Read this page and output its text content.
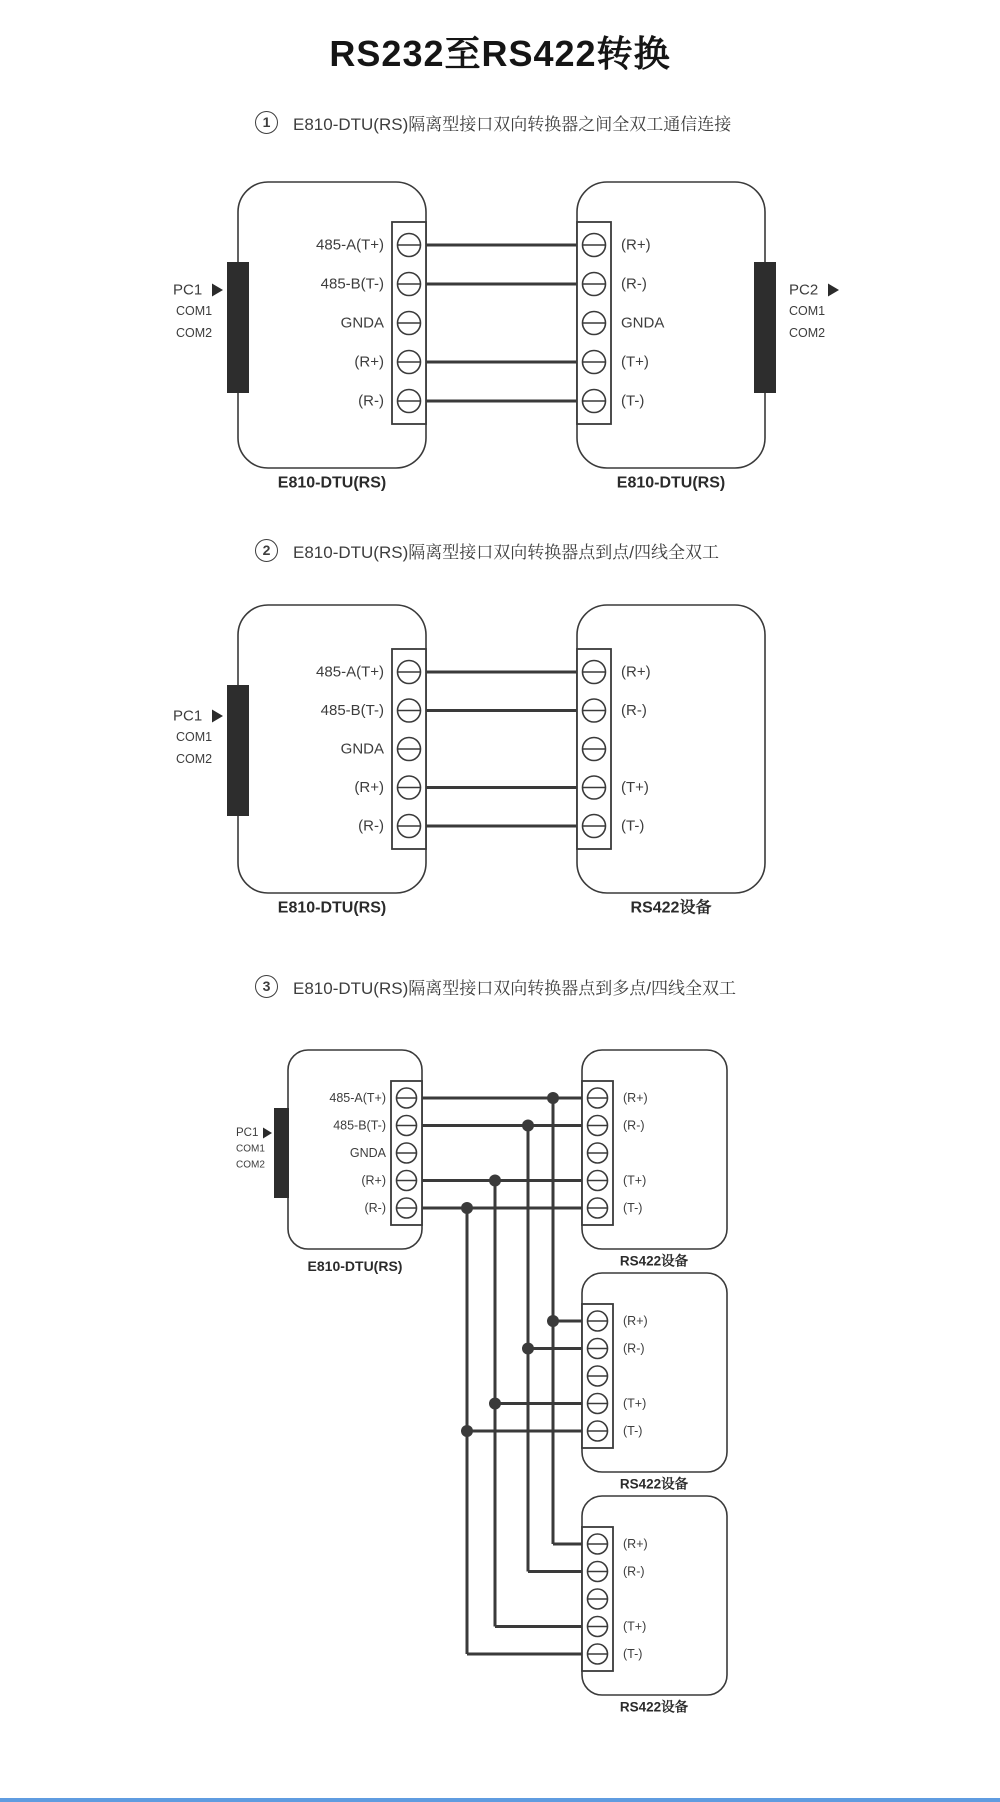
RS232至RS422转换
1	E810-DTU(RS)隔离型接口双向转换器之间全双工通信连接
2	E810-DTU(RS)隔离型接口双向转换器点到点/四线全双工
3	E810-DTU(RS)隔离型接口双向转换器点到多点/四线全双工
485-A(T+)
485-B(T-)
GNDA
(R+)
(R-)
E810-DTU(RS)
PC1
COM1
COM2
(R+)
(R-)
GNDA
(T+)
(T-)
E810-DTU(RS)
PC2
COM1
COM2
485-A(T+)
485-B(T-)
GNDA
(R+)
(R-)
E810-DTU(RS)
PC1
COM1
COM2
(R+)
(R-)
(T+)
(T-)
RS422设备
485-A(T+)
485-B(T-)
GNDA
(R+)
(R-)
E810-DTU(RS)
PC1
COM1
COM2
(R+)
(R-)
(T+)
(T-)
RS422设备
(R+)
(R-)
(T+)
(T-)
RS422设备
(R+)
(R-)
(T+)
(T-)
RS422设备
